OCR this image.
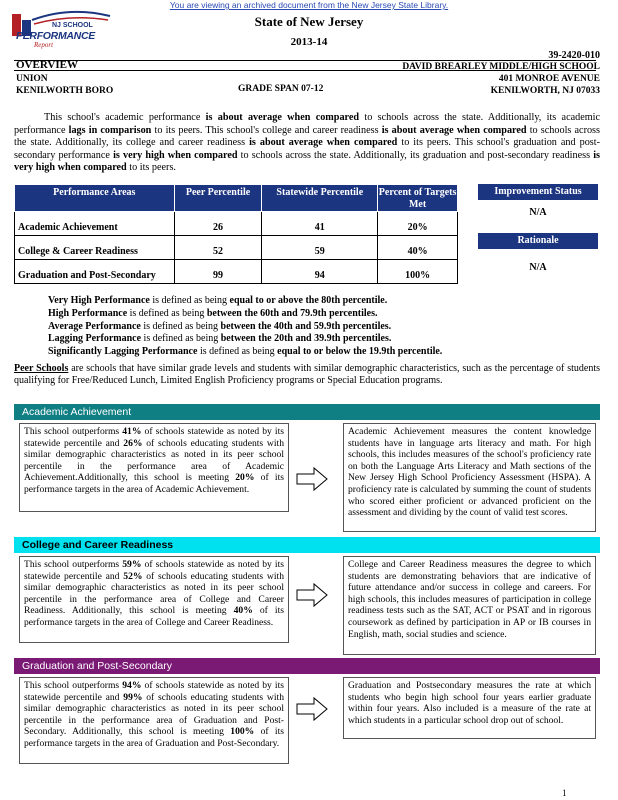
You are viewing an archived document from the New Jersey State Library.
NJ SCHOOL
PERFORMANCE
Report
State of New Jersey
2013-14
39-2420-010
OVERVIEW
UNION
KENILWORTH BORO	GRADE SPAN 07-12
DAVID BREARLEY MIDDLE/HIGH SCHOOL
401 MONROE AVENUE
KENILWORTH, NJ 07033

This school's academic performance is about average when compared to schools across the state. Additionally, its academic performance lags in comparison to its peers. This school's college and career readiness is about average when compared to schools across the state. Additionally, its college and career readiness is about average when compared to its peers. This school's graduation and post-secondary performance is very high when compared to schools across the state. Additionally, its graduation and post-secondary readiness is very high when compared to its peers.

Performance Areas	Peer Percentile	Statewide Percentile	Percent of Targets Met
Academic Achievement	26	41	20%
College & Career Readiness	52	59	40%
Graduation and Post-Secondary	99	94	100%
Improvement Status
N/A
Rationale
N/A
Very High Performance is defined as being equal to or above the 80th percentile.
High Performance is defined as being between the 60th and 79.9th percentiles.
Average Performance is defined as being between the 40th and 59.9th percentiles.
Lagging Performance is defined as being between the 20th and 39.9th percentiles.
Significantly Lagging Performance is defined as being equal to or below the 19.9th percentile.

Peer Schools are schools that have similar grade levels and students with similar demographic characteristics, such as the percentage of students qualifying for Free/Reduced Lunch, Limited English Proficiency programs or Special Education programs.

Academic Achievement
This school outperforms 41% of schools statewide as noted by its statewide percentile and 26% of schools educating students with similar demographic characteristics as noted in its peer school percentile in the performance area of Academic Achievement.Additionally, this school is meeting 20% of its performance targets in the area of Academic Achievement.
Academic Achievement measures the content knowledge students have in language arts literacy and math. For high schools, this includes measures of the school's proficiency rate on both the Language Arts Literacy and Math sections of the New Jersey High School Proficiency Assessment (HSPA). A proficiency rate is calculated by summing the count of students who scored either proficient or advanced proficient on the assessment and dividing by the count of valid test scores.
College and Career Readiness
This school outperforms 59% of schools statewide as noted by its statewide percentile and 52% of schools educating students with similar demographic characteristics as noted in its peer school percentile in the performance area of College and Career Readiness. Additionally, this school is meeting 40% of its performance targets in the area of College and Career Readiness.
College and Career Readiness measures the degree to which students are demonstrating behaviors that are indicative of future attendance and/or success in college and careers. For high schools, this includes measures of participation in college readiness tests such as the SAT, ACT or PSAT and in rigorous coursework as defined by participation in AP or IB courses in English, math, social studies and science.
Graduation and Post-Secondary
This school outperforms 94% of schools statewide as noted by its statewide percentile and 99% of schools educating students with similar demographic characteristics as noted in its peer school percentile in the performance area of Graduation and Post-Secondary. Additionally, this school is meeting 100% of its performance targets in the area of Graduation and Post-Secondary.
Graduation and Postsecondary measures the rate at which students who begin high school four years earlier graduate within four years. Also included is a measure of the rate at which students in a particular school drop out of school.
1
